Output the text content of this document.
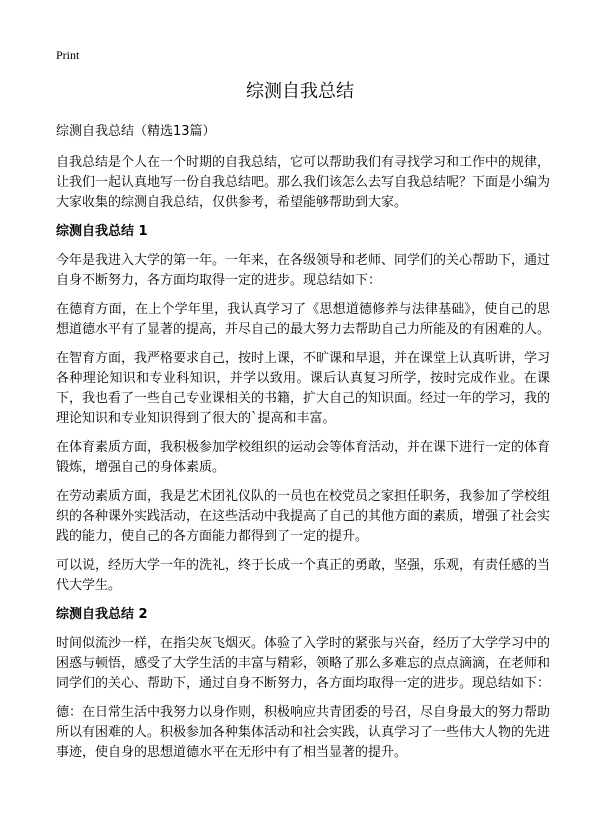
Print
综测自我总结

综测自我总结（精选13篇）

自我总结是个人在一个时期的自我总结，它可以帮助我们有寻找学习和工作中的规律，让我们一起认真地写一份自我总结吧。那么我们该怎么去写自我总结呢？下面是小编为大家收集的综测自我总结，仅供参考，希望能够帮助到大家。

综测自我总结 1

今年是我进入大学的第一年。一年来，在各级领导和老师、同学们的关心帮助下，通过自身不断努力，各方面均取得一定的进步。现总结如下：

在德育方面，在上个学年里，我认真学习了《思想道德修养与法律基础》，使自己的思想道德水平有了显著的提高，并尽自己的最大努力去帮助自己力所能及的有困难的人。

在智育方面，我严格要求自己，按时上课，不旷课和早退，并在课堂上认真听讲，学习各种理论知识和专业科知识，并学以致用。课后认真复习所学，按时完成作业。在课下，我也看了一些自己专业课相关的书籍，扩大自己的知识面。经过一年的学习，我的理论知识和专业知识得到了很大的`提高和丰富。

在体育素质方面，我积极参加学校组织的运动会等体育活动，并在课下进行一定的体育锻炼，增强自己的身体素质。

在劳动素质方面，我是艺术团礼仪队的一员也在校党员之家担任职务，我参加了学校组织的各种课外实践活动，在这些活动中我提高了自己的其他方面的素质，增强了社会实践的能力，使自己的各方面能力都得到了一定的提升。

可以说，经历大学一年的洗礼，终于长成一个真正的勇敢，坚强，乐观，有责任感的当代大学生。

综测自我总结 2

时间似流沙一样，在指尖灰飞烟灭。体验了入学时的紧张与兴奋，经历了大学学习中的困惑与顿悟，感受了大学生活的丰富与精彩，领略了那么多难忘的点点滴滴，在老师和同学们的关心、帮助下，通过自身不断努力，各方面均取得一定的进步。现总结如下：

德：在日常生活中我努力以身作则，积极响应共青团委的号召，尽自身最大的努力帮助所以有困难的人。积极参加各种集体活动和社会实践，认真学习了一些伟大人物的先进事迹，使自身的思想道德水平在无形中有了相当显著的提升。
